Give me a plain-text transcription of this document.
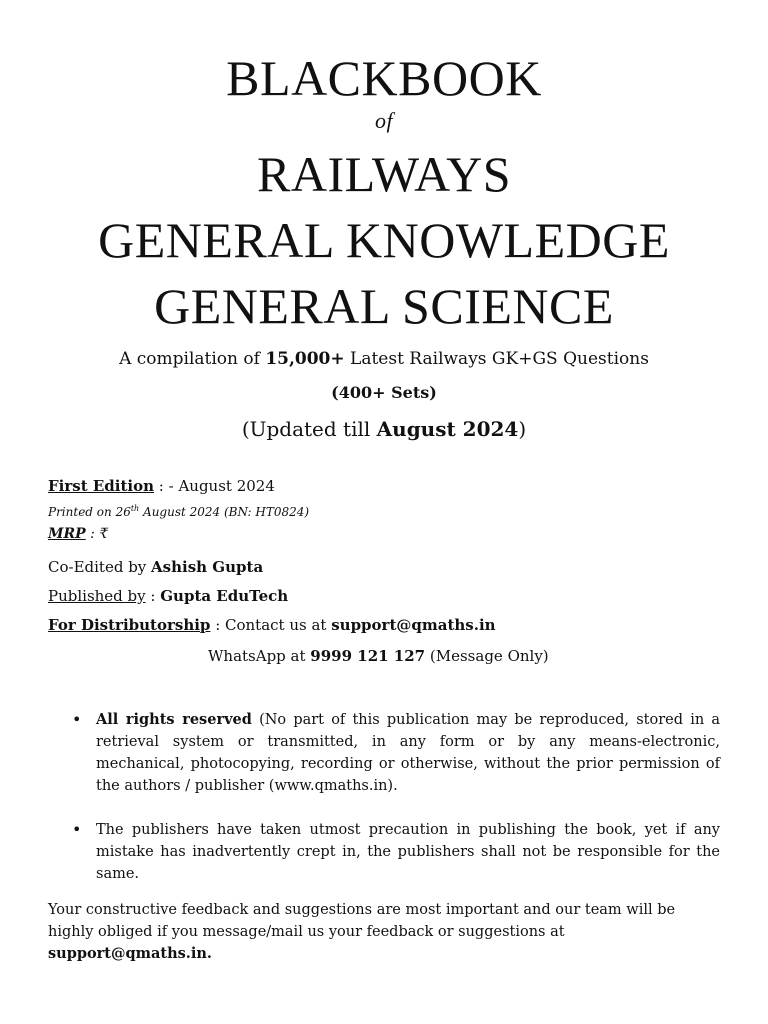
BLACKBOOK
of
RAILWAYS
GENERAL KNOWLEDGE
GENERAL SCIENCE
A compilation of 15,000+ Latest Railways GK+GS Questions
(400+ Sets)
(Updated till August 2024)
First Edition : - August 2024
Printed on 26th August 2024 (BN: HT0824)
MRP : ₹
Co-Edited by Ashish Gupta
Published by : Gupta EduTech
For Distributorship : Contact us at support@qmaths.in
WhatsApp at 9999 121 127 (Message Only)
• All rights reserved (No part of this publication may be reproduced, stored in a retrieval system or transmitted, in any form or by any means-electronic, mechanical, photocopying, recording or otherwise, without the prior permission of the authors / publisher (www.qmaths.in).
• The publishers have taken utmost precaution in publishing the book, yet if any mistake has inadvertently crept in, the publishers shall not be responsible for the same.
Your constructive feedback and suggestions are most important and our team will be highly obliged if you message/mail us your feedback or suggestions at support@qmaths.in.
